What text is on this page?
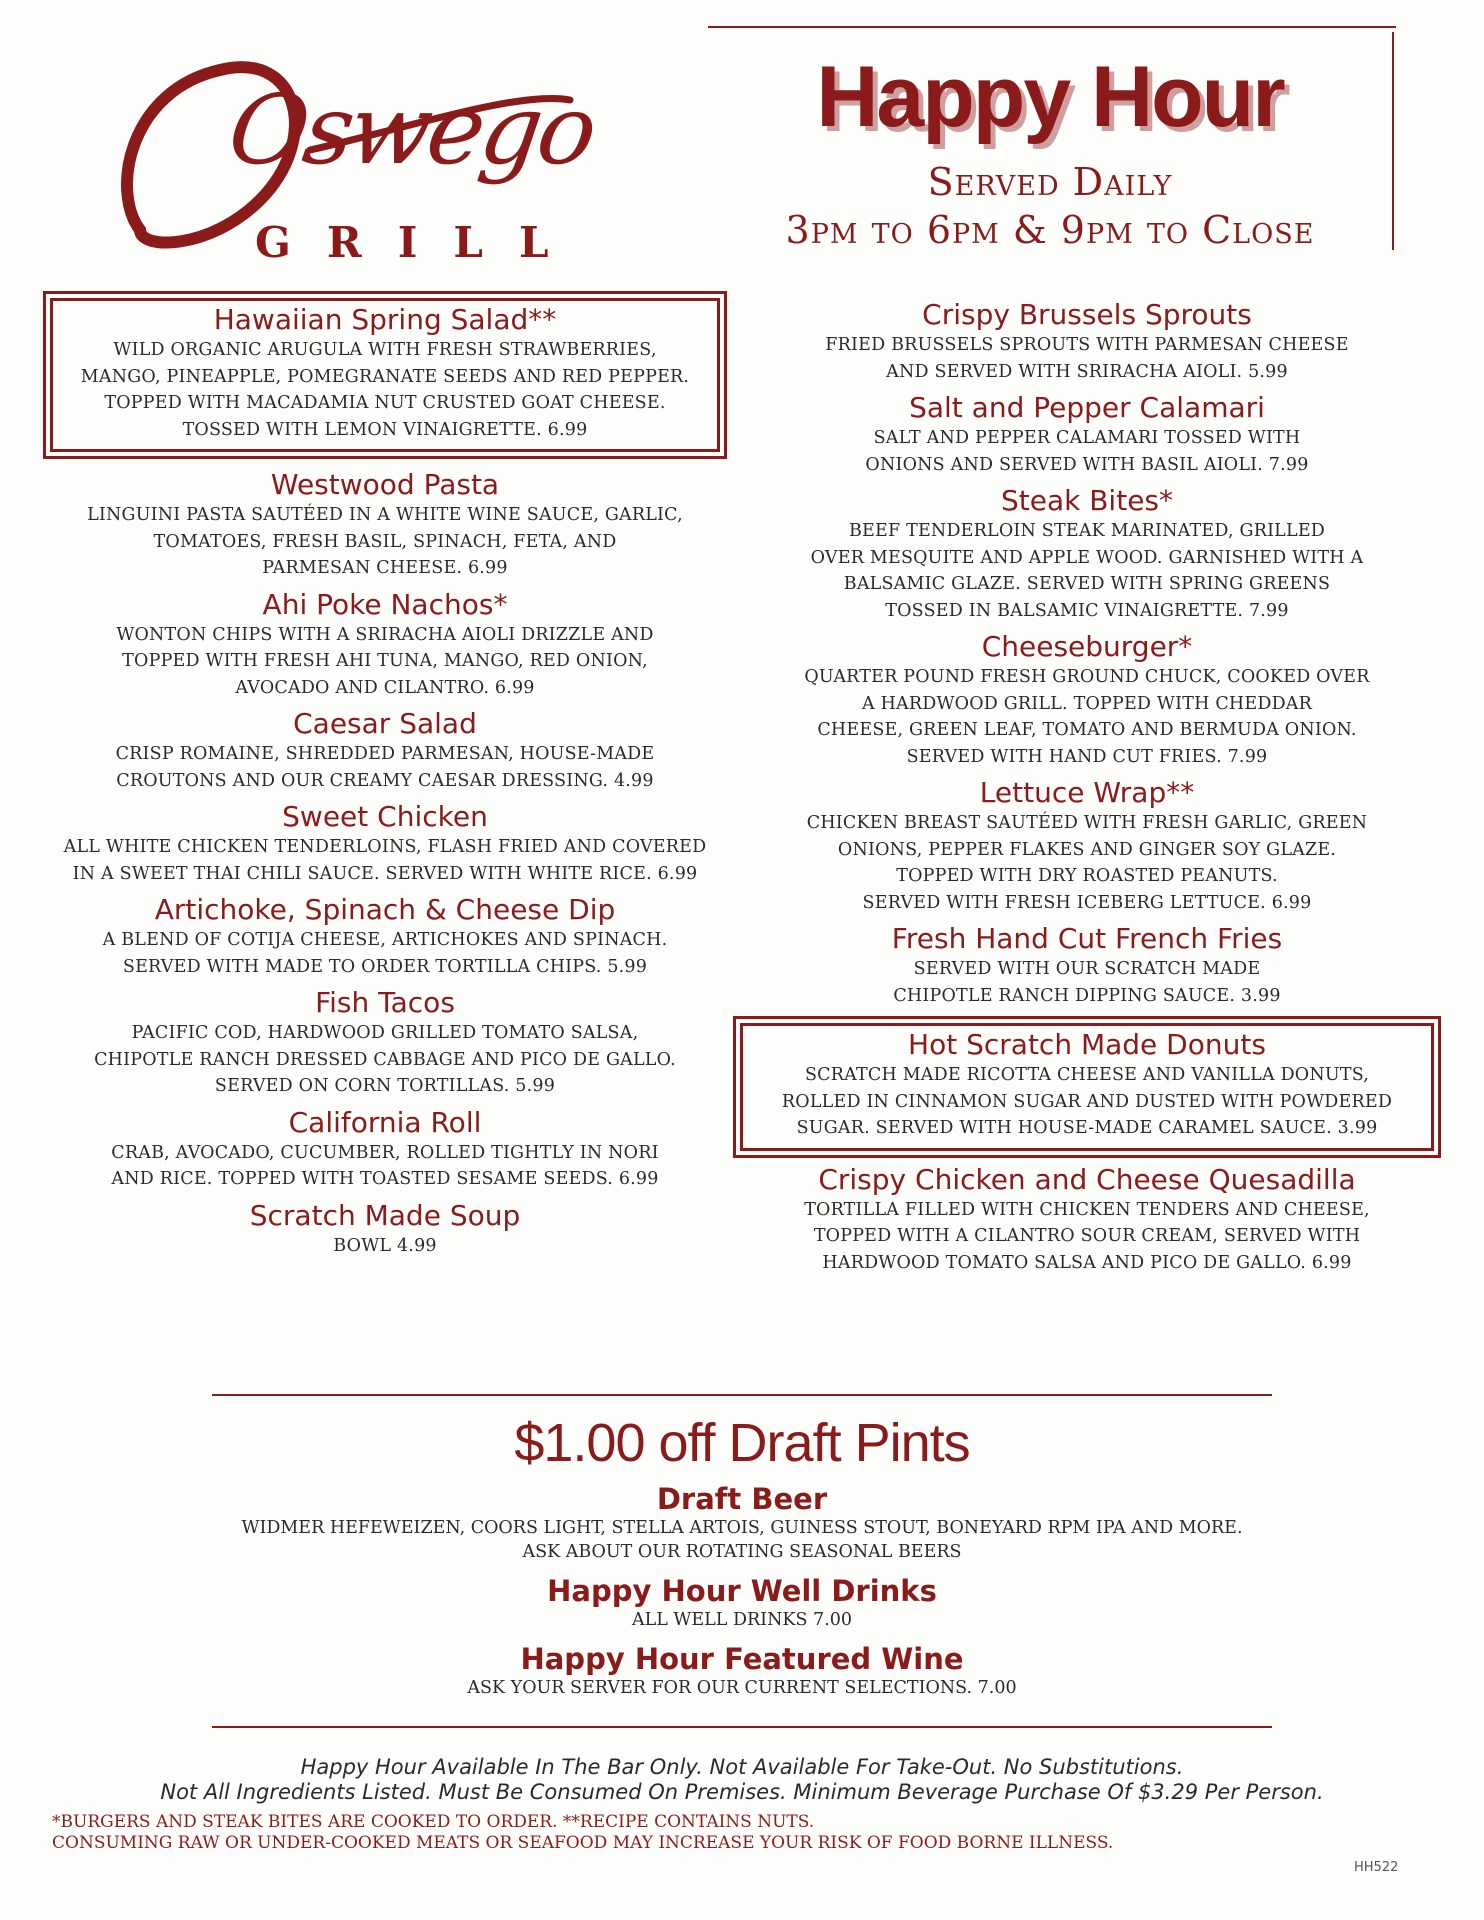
Oswego
GRILL
Happy Hour
Served Daily
3pm to 6pm & 9pm to Close
Hawaiian Spring Salad**
WILD ORGANIC ARUGULA WITH FRESH STRAWBERRIES,
MANGO, PINEAPPLE, POMEGRANATE SEEDS AND RED PEPPER.
TOPPED WITH MACADAMIA NUT CRUSTED GOAT CHEESE.
TOSSED WITH LEMON VINAIGRETTE. 6.99
Westwood Pasta
LINGUINI PASTA SAUTÉED IN A WHITE WINE SAUCE, GARLIC,
TOMATOES, FRESH BASIL, SPINACH, FETA, AND
PARMESAN CHEESE. 6.99
Ahi Poke Nachos*
WONTON CHIPS WITH A SRIRACHA AIOLI DRIZZLE AND
TOPPED WITH FRESH AHI TUNA, MANGO, RED ONION,
AVOCADO AND CILANTRO. 6.99
Caesar Salad
CRISP ROMAINE, SHREDDED PARMESAN, HOUSE-MADE
CROUTONS AND OUR CREAMY CAESAR DRESSING. 4.99
Sweet Chicken
ALL WHITE CHICKEN TENDERLOINS, FLASH FRIED AND COVERED
IN A SWEET THAI CHILI SAUCE. SERVED WITH WHITE RICE. 6.99
Artichoke, Spinach & Cheese Dip
A BLEND OF COTIJA CHEESE, ARTICHOKES AND SPINACH.
SERVED WITH MADE TO ORDER TORTILLA CHIPS. 5.99
Fish Tacos
PACIFIC COD, HARDWOOD GRILLED TOMATO SALSA,
CHIPOTLE RANCH DRESSED CABBAGE AND PICO DE GALLO.
SERVED ON CORN TORTILLAS. 5.99
California Roll
CRAB, AVOCADO, CUCUMBER, ROLLED TIGHTLY IN NORI
AND RICE. TOPPED WITH TOASTED SESAME SEEDS. 6.99
Scratch Made Soup
BOWL 4.99
Crispy Brussels Sprouts
FRIED BRUSSELS SPROUTS WITH PARMESAN CHEESE
AND SERVED WITH SRIRACHA AIOLI. 5.99
Salt and Pepper Calamari
SALT AND PEPPER CALAMARI TOSSED WITH
ONIONS AND SERVED WITH BASIL AIOLI. 7.99
Steak Bites*
BEEF TENDERLOIN STEAK MARINATED, GRILLED
OVER MESQUITE AND APPLE WOOD. GARNISHED WITH A
BALSAMIC GLAZE. SERVED WITH SPRING GREENS
TOSSED IN BALSAMIC VINAIGRETTE. 7.99
Cheeseburger*
QUARTER POUND FRESH GROUND CHUCK, COOKED OVER
A HARDWOOD GRILL. TOPPED WITH CHEDDAR
CHEESE, GREEN LEAF, TOMATO AND BERMUDA ONION.
SERVED WITH HAND CUT FRIES. 7.99
Lettuce Wrap**
CHICKEN BREAST SAUTÉED WITH FRESH GARLIC, GREEN
ONIONS, PEPPER FLAKES AND GINGER SOY GLAZE.
TOPPED WITH DRY ROASTED PEANUTS.
SERVED WITH FRESH ICEBERG LETTUCE. 6.99
Fresh Hand Cut French Fries
SERVED WITH OUR SCRATCH MADE
CHIPOTLE RANCH DIPPING SAUCE. 3.99
Hot Scratch Made Donuts
SCRATCH MADE RICOTTA CHEESE AND VANILLA DONUTS,
ROLLED IN CINNAMON SUGAR AND DUSTED WITH POWDERED
SUGAR. SERVED WITH HOUSE-MADE CARAMEL SAUCE. 3.99
Crispy Chicken and Cheese Quesadilla
TORTILLA FILLED WITH CHICKEN TENDERS AND CHEESE,
TOPPED WITH A CILANTRO SOUR CREAM, SERVED WITH
HARDWOOD TOMATO SALSA AND PICO DE GALLO. 6.99
$1.00 off Draft Pints
Draft Beer
WIDMER HEFEWEIZEN, COORS LIGHT, STELLA ARTOIS, GUINESS STOUT, BONEYARD RPM IPA AND MORE.
ASK ABOUT OUR ROTATING SEASONAL BEERS
Happy Hour Well Drinks
ALL WELL DRINKS 7.00
Happy Hour Featured Wine
ASK YOUR SERVER FOR OUR CURRENT SELECTIONS. 7.00
Happy Hour Available In The Bar Only. Not Available For Take-Out. No Substitutions.
Not All Ingredients Listed. Must Be Consumed On Premises. Minimum Beverage Purchase Of $3.29 Per Person.
*BURGERS AND STEAK BITES ARE COOKED TO ORDER. **RECIPE CONTAINS NUTS.
CONSUMING RAW OR UNDER-COOKED MEATS OR SEAFOOD MAY INCREASE YOUR RISK OF FOOD BORNE ILLNESS.
HH522
